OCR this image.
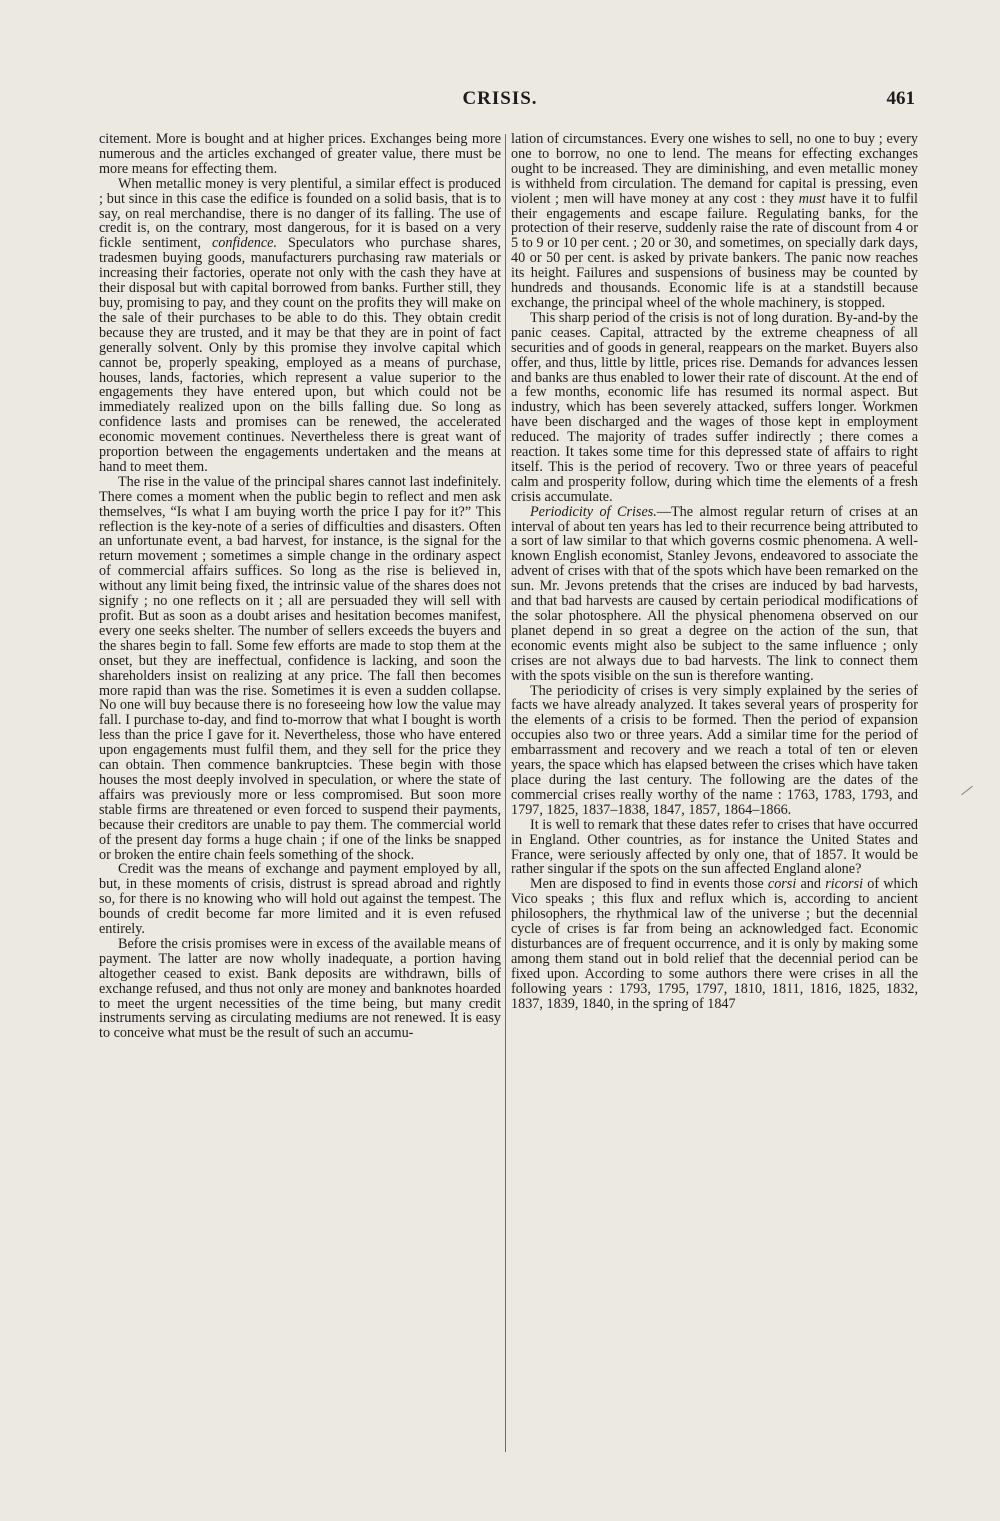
CRISIS.	461

citement. More is bought and at higher prices. Exchanges being more numerous and the articles exchanged of greater value, there must be more means for effecting them.

When metallic money is very plentiful, a similar effect is produced ; but since in this case the edifice is founded on a solid basis, that is to say, on real merchandise, there is no danger of its falling. The use of credit is, on the contrary, most dangerous, for it is based on a very fickle sentiment, confidence. Speculators who purchase shares, tradesmen buying goods, manufacturers purchasing raw materials or increasing their factories, operate not only with the cash they have at their disposal but with capital borrowed from banks. Further still, they buy, promising to pay, and they count on the profits they will make on the sale of their purchases to be able to do this. They obtain credit because they are trusted, and it may be that they are in point of fact generally solvent. Only by this promise they involve capital which cannot be, properly speaking, employed as a means of purchase, houses, lands, factories, which represent a value superior to the engagements they have entered upon, but which could not be immediately realized upon on the bills falling due. So long as confidence lasts and promises can be renewed, the accelerated economic movement continues. Nevertheless there is great want of proportion between the engagements undertaken and the means at hand to meet them.

The rise in the value of the principal shares cannot last indefinitely. There comes a moment when the public begin to reflect and men ask themselves, “Is what I am buying worth the price I pay for it?” This reflection is the key-note of a series of difficulties and disasters. Often an unfortunate event, a bad harvest, for instance, is the signal for the return movement ; sometimes a simple change in the ordinary aspect of commercial affairs suffices. So long as the rise is believed in, without any limit being fixed, the intrinsic value of the shares does not signify ; no one reflects on it ; all are persuaded they will sell with profit. But as soon as a doubt arises and hesitation becomes manifest, every one seeks shelter. The number of sellers exceeds the buyers and the shares begin to fall. Some few efforts are made to stop them at the onset, but they are ineffectual, confidence is lacking, and soon the shareholders insist on realizing at any price. The fall then becomes more rapid than was the rise. Sometimes it is even a sudden collapse. No one will buy because there is no foreseeing how low the value may fall. I purchase to-day, and find to-morrow that what I bought is worth less than the price I gave for it. Nevertheless, those who have entered upon engagements must fulfil them, and they sell for the price they can obtain. Then commence bankruptcies. These begin with those houses the most deeply involved in speculation, or where the state of affairs was previously more or less compromised. But soon more stable firms are threatened or even forced to suspend their payments, because their creditors are unable to pay them. The commercial world of the present day forms a huge chain ; if one of the links be snapped or broken the entire chain feels something of the shock.

Credit was the means of exchange and payment employed by all, but, in these moments of crisis, distrust is spread abroad and rightly so, for there is no knowing who will hold out against the tempest. The bounds of credit become far more limited and it is even refused entirely.

Before the crisis promises were in excess of the available means of payment. The latter are now wholly inadequate, a portion having altogether ceased to exist. Bank deposits are withdrawn, bills of exchange refused, and thus not only are money and banknotes hoarded to meet the urgent necessities of the time being, but many credit instruments serving as circulating mediums are not renewed. It is easy to conceive what must be the result of such an accumu-

lation of circumstances. Every one wishes to sell, no one to buy ; every one to borrow, no one to lend. The means for effecting exchanges ought to be increased. They are diminishing, and even metallic money is withheld from circulation. The demand for capital is pressing, even violent ; men will have money at any cost : they must have it to fulfil their engagements and escape failure. Regulating banks, for the protection of their reserve, suddenly raise the rate of discount from 4 or 5 to 9 or 10 per cent. ; 20 or 30, and sometimes, on specially dark days, 40 or 50 per cent. is asked by private bankers. The panic now reaches its height. Failures and suspensions of business may be counted by hundreds and thousands. Economic life is at a standstill because exchange, the principal wheel of the whole machinery, is stopped.

This sharp period of the crisis is not of long duration. By-and-by the panic ceases. Capital, attracted by the extreme cheapness of all securities and of goods in general, reappears on the market. Buyers also offer, and thus, little by little, prices rise. Demands for advances lessen and banks are thus enabled to lower their rate of discount. At the end of a few months, economic life has resumed its normal aspect. But industry, which has been severely attacked, suffers longer. Workmen have been discharged and the wages of those kept in employment reduced. The majority of trades suffer indirectly ; there comes a reaction. It takes some time for this depressed state of affairs to right itself. This is the period of recovery. Two or three years of peaceful calm and prosperity follow, during which time the elements of a fresh crisis accumulate.

Periodicity of Crises.—The almost regular return of crises at an interval of about ten years has led to their recurrence being attributed to a sort of law similar to that which governs cosmic phenomena. A well-known English economist, Stanley Jevons, endeavored to associate the advent of crises with that of the spots which have been remarked on the sun. Mr. Jevons pretends that the crises are induced by bad harvests, and that bad harvests are caused by certain periodical modifications of the solar photosphere. All the physical phenomena observed on our planet depend in so great a degree on the action of the sun, that economic events might also be subject to the same influence ; only crises are not always due to bad harvests. The link to connect them with the spots visible on the sun is therefore wanting.

The periodicity of crises is very simply explained by the series of facts we have already analyzed. It takes several years of prosperity for the elements of a crisis to be formed. Then the period of expansion occupies also two or three years. Add a similar time for the period of embarrassment and recovery and we reach a total of ten or eleven years, the space which has elapsed between the crises which have taken place during the last century. The following are the dates of the commercial crises really worthy of the name : 1763, 1783, 1793, and 1797, 1825, 1837–1838, 1847, 1857, 1864–1866.

It is well to remark that these dates refer to crises that have occurred in England. Other countries, as for instance the United States and France, were seriously affected by only one, that of 1857. It would be rather singular if the spots on the sun affected England alone?

Men are disposed to find in events those corsi and ricorsi of which Vico speaks ; this flux and reflux which is, according to ancient philosophers, the rhythmical law of the universe ; but the decennial cycle of crises is far from being an acknowledged fact. Economic disturbances are of frequent occurrence, and it is only by making some among them stand out in bold relief that the decennial period can be fixed upon. According to some authors there were crises in all the following years : 1793, 1795, 1797, 1810, 1811, 1816, 1825, 1832, 1837, 1839, 1840, in the spring of 1847
